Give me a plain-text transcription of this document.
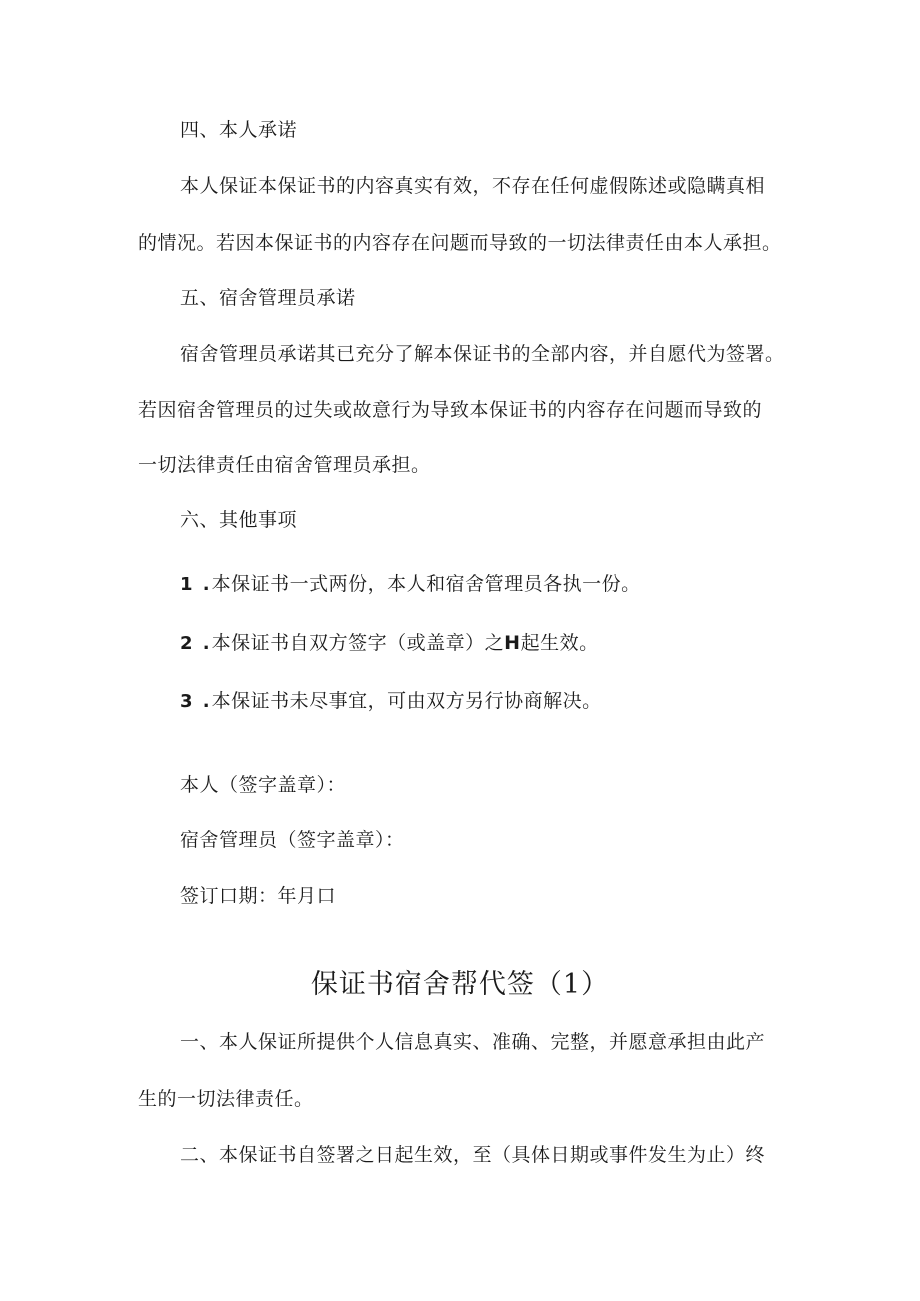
四、本人承诺
本人保证本保证书的内容真实有效，不存在任何虚假陈述或隐瞒真相
的情况。若因本保证书的内容存在问题而导致的一切法律责任由本人承担。
五、宿舍管理员承诺
宿舍管理员承诺其已充分了解本保证书的全部内容，并自愿代为签署。
若因宿舍管理员的过失或故意行为导致本保证书的内容存在问题而导致的
一切法律责任由宿舍管理员承担。
六、其他事项
1 .本保证书一式两份，本人和宿舍管理员各执一份。
2 .本保证书自双方签字（或盖章）之H起生效。
3 .本保证书未尽事宜，可由双方另行协商解决。
本人（签字盖章）：
宿舍管理员（签字盖章）：
签订口期：年月口
保证书宿舍帮代签（1）
一、本人保证所提供个人信息真实、准确、完整，并愿意承担由此产
生的一切法律责任。
二、本保证书自签署之日起生效，至（具体日期或事件发生为止）终
